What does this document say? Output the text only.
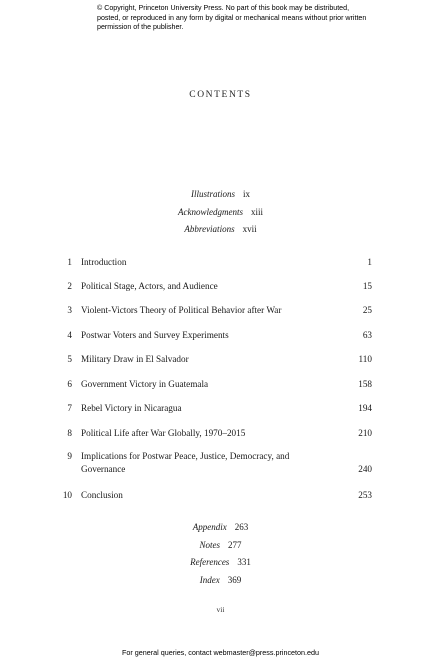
© Copyright, Princeton University Press. No part of this book may be distributed, posted, or reproduced in any form by digital or mechanical means without prior written permission of the publisher.
CONTENTS
Illustrations ix
Acknowledgments xiii
Abbreviations xvii
1 Introduction	1
2 Political Stage, Actors, and Audience	15
3 Violent-Victors Theory of Political Behavior after War	25
4 Postwar Voters and Survey Experiments	63
5 Military Draw in El Salvador	110
6 Government Victory in Guatemala	158
7 Rebel Victory in Nicaragua	194
8 Political Life after War Globally, 1970–2015	210
9 Implications for Postwar Peace, Justice, Democracy, and Governance	240
10 Conclusion	253
Appendix 263
Notes 277
References 331
Index 369
vii
For general queries, contact webmaster@press.princeton.edu
